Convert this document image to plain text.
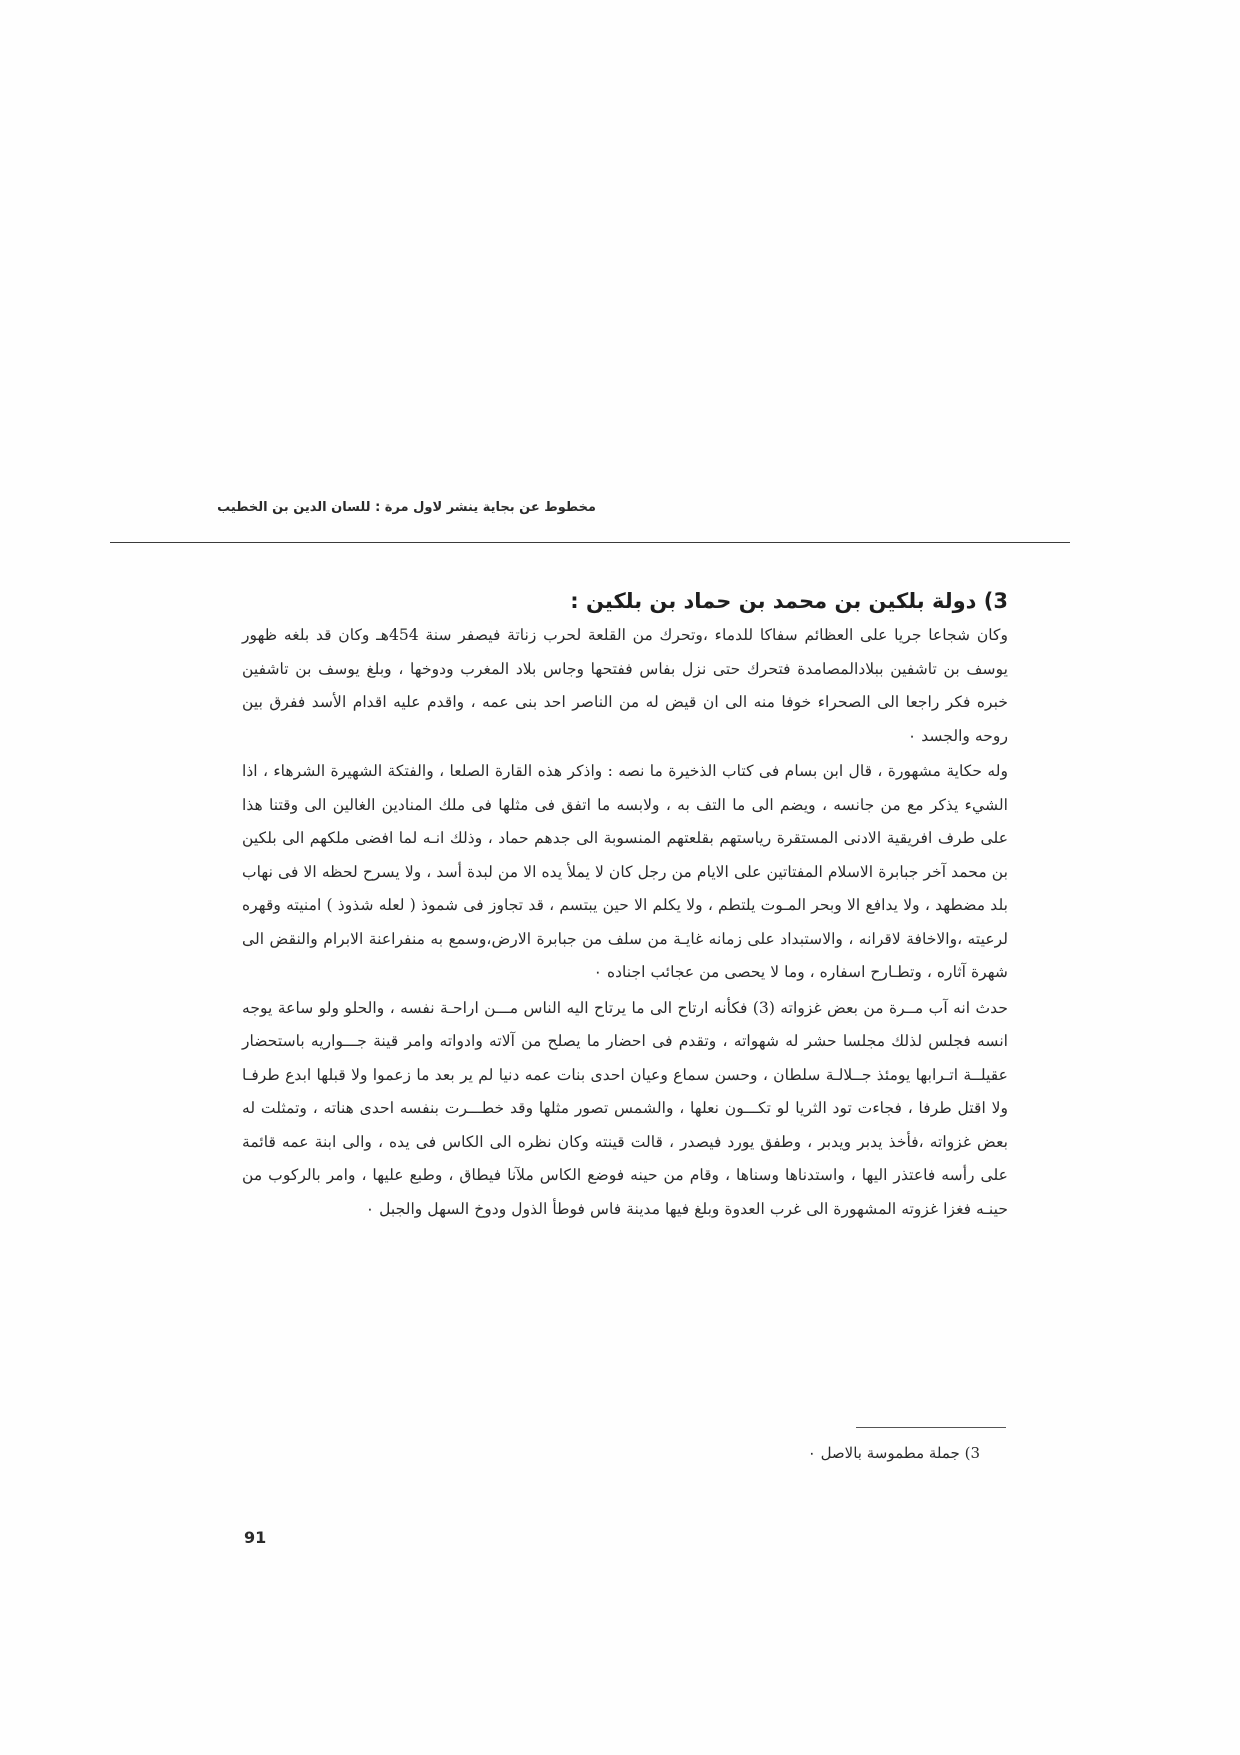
مخطوط عن بجاية ينشر لاول مرة : للسان الدين بن الخطيب
3) دولة بلكين بن محمد بن حماد بن بلكين :

وكان شجاعا جريا على العظائم سفاكا للدماء ،وتحرك من القلعة لحرب زناتة فيصفر سنة 454هـ وكان قد بلغه ظهور يوسف بن تاشفين ببلادالمصامدة فتحرك حتى نزل بفاس ففتحها وجاس بلاد المغرب ودوخها ، وبلغ يوسف بن تاشفين خبره فكر راجعا الى الصحراء خوفا منه الى ان قيض له من الناصر احد بنى عمه ، واقدم عليه اقدام الأسد ففرق بين روحه والجسد ٠

وله حكاية مشهورة ، قال ابن بسام فى كتاب الذخيرة ما نصه : واذكر هذه القارة الصلعا ، والفتكة الشهيرة الشرهاء ، اذا الشيء يذكر مع من جانسه ، ويضم الى ما التف به ، ولابسه ما اتفق فى مثلها فى ملك المنادين الغالين الى وقتنا هذا على طرف افريقية الادنى المستقرة رياستهم بقلعتهم المنسوبة الى جدهم حماد ، وذلك انـه لما افضى ملكهم الى بلكين بن محمد آخر جبابرة الاسلام المفتاتين على الايام من رجل كان لا يملأ يده الا من لبدة أسد ، ولا يسرح لحظه الا فى نهاب بلد مضطهد ، ولا يدافع الا وبحر المـوت يلتطم ، ولا يكلم الا حين يبتسم ، قد تجاوز فى شموذ ( لعله شذوذ ) امنيته وقهره لرعيته ،والاخافة لاقرانه ، والاستبداد على زمانه غايـة من سلف من جبابرة الارض،وسمع به منفراعنة الابرام والنقض الى شهرة آثاره ، وتطـارح اسفاره ، وما لا يحصى من عجائب اجناده ٠

حدث انه آب مــرة من بعض غزواته (3) فكأنه ارتاح الى ما يرتاح اليه الناس مـــن اراحـة نفسه ، والحلو ولو ساعة يوجه انسه فجلس لذلك مجلسا حشر له شهواته ، وتقدم فى احضار ما يصلح من آلاته وادواته وامر قينة جـــواريه باستحضار عقيلــة اتـرابها يومئذ جــلالـة سلطان ، وحسن سماع وعيان احدى بنات عمه دنيا لم ير بعد ما زعموا ولا قبلها ابدع طرفـا ولا اقتل طرفا ، فجاءت تود الثريا لو تكـــون نعلها ، والشمس تصور مثلها وقد خطـــرت بنفسه احدى هناته ، وتمثلت له بعض غزواته ،فأخذ يدبر ويدبر ، وطفق يورد فيصدر ، قالت قينته وكان نظره الى الكاس فى يده ، والى ابنة عمه قائمة على رأسه فاعتذر اليها ، واستدناها وسناها ، وقام من حينه فوضع الكاس ملآنا فيطاق ، وطبع عليها ، وامر بالركوب من حينـه فغزا غزوته المشهورة الى غرب العدوة وبلغ فيها مدينة فاس فوطأ الذول ودوخ السهل والجبل ٠

3) جملة مطموسة بالاصل ٠
91
